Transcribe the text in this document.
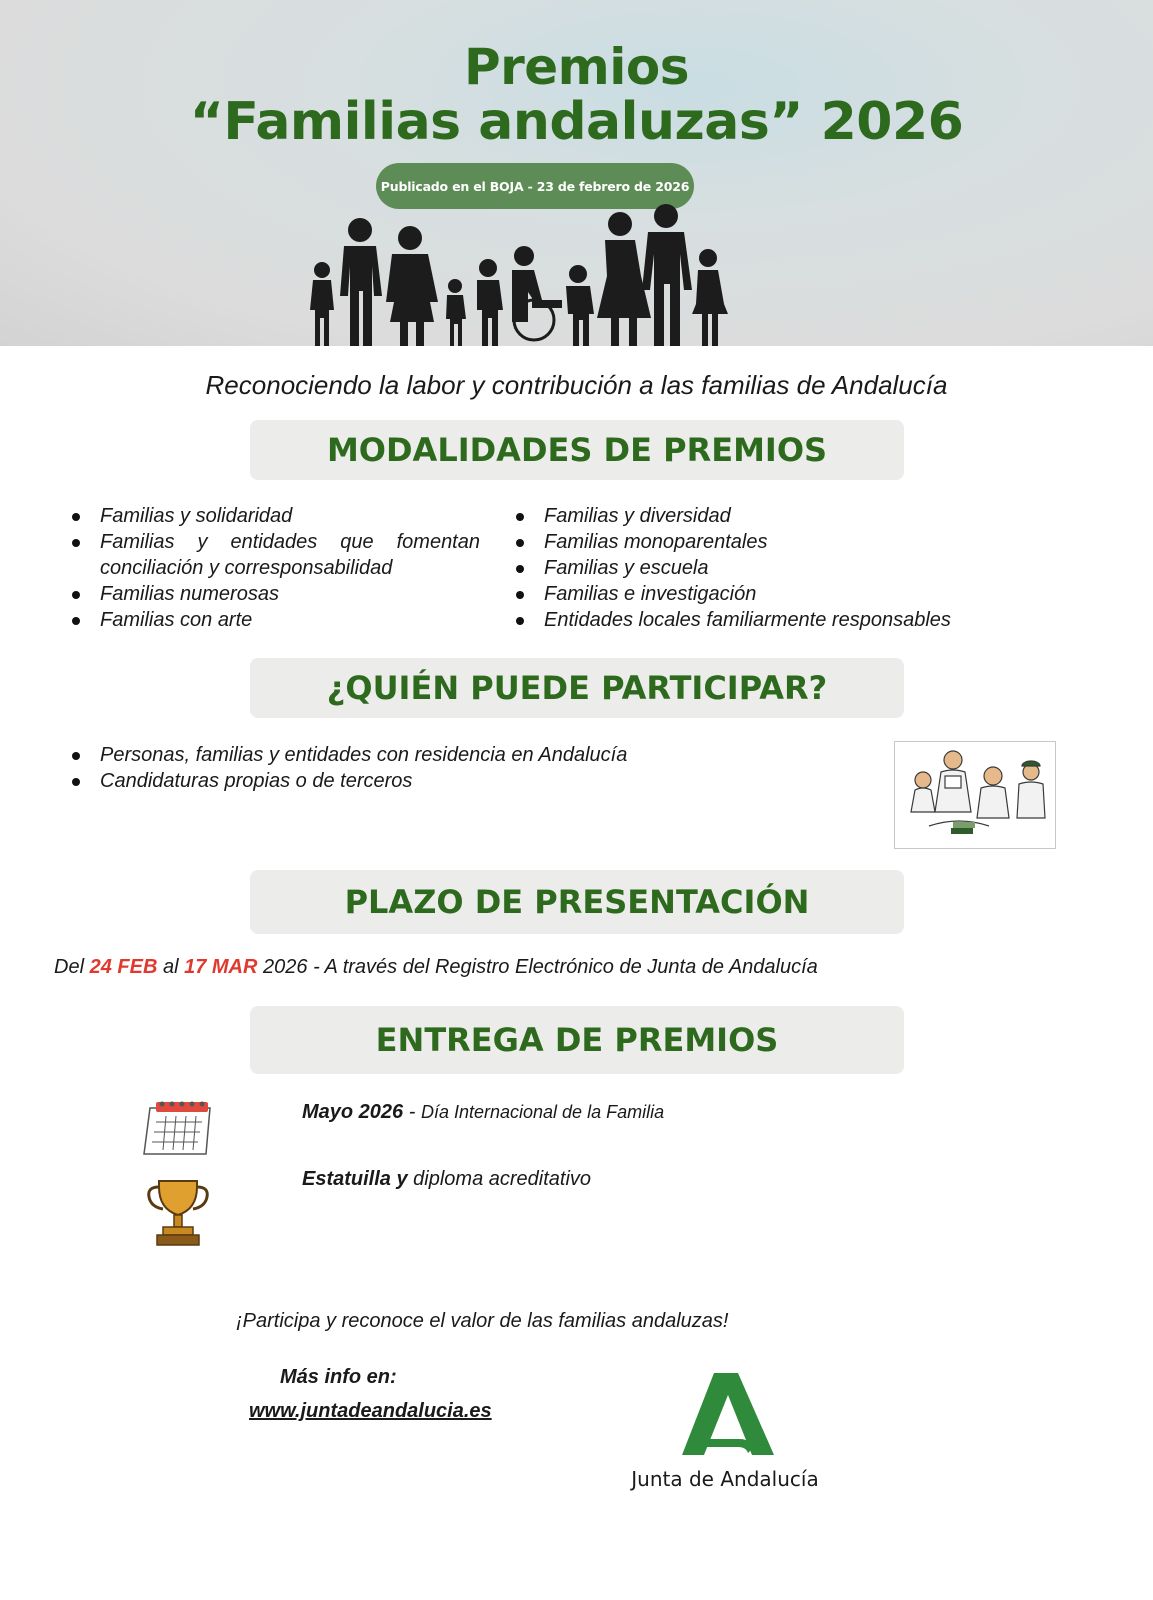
Premios
“Familias andaluzas” 2026
Publicado en el BOJA - 23 de febrero de 2026
Reconociendo la labor y contribución a las familias de Andalucía
MODALIDADES DE PREMIOS
Familias y solidaridad
Familias y entidades que fomentan conciliación y corresponsabilidad
Familias numerosas
Familias con arte
Familias y diversidad
Familias monoparentales
Familias y escuela
Familias e investigación
Entidades locales familiarmente responsables
¿QUIÉN PUEDE PARTICIPAR?
Personas, familias y entidades con residencia en Andalucía
Candidaturas propias o de terceros
PLAZO DE PRESENTACIÓN
Del 24 FEB al 17 MAR 2026 - A través del Registro Electrónico de Junta de Andalucía
ENTREGA DE PREMIOS
Mayo 2026 - Día Internacional de la Familia
Estatuilla y diploma acreditativo
¡Participa y reconoce el valor de las familias andaluzas!
Más info en:
www.juntadeandalucia.es
Junta de Andalucía
